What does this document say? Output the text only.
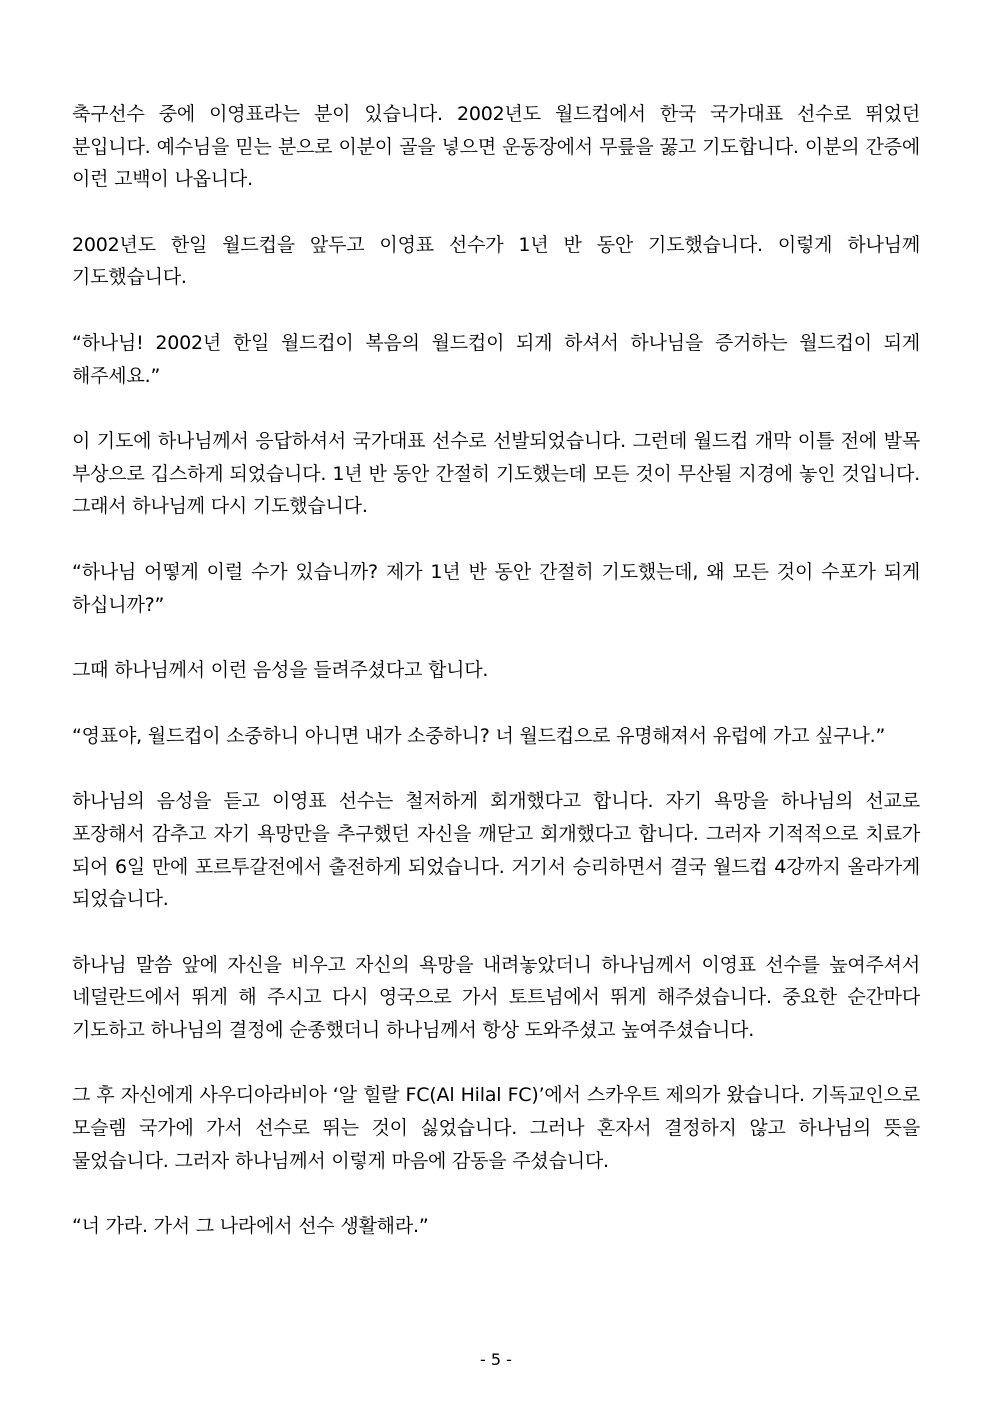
축구선수 중에 이영표라는 분이 있습니다. 2002년도 월드컵에서 한국 국가대표 선수로 뛰었던 분입니다. 예수님을 믿는 분으로 이분이 골을 넣으면 운동장에서 무릎을 꿇고 기도합니다. 이분의 간증에 이런 고백이 나옵니다.

2002년도 한일 월드컵을 앞두고 이영표 선수가 1년 반 동안 기도했습니다. 이렇게 하나님께 기도했습니다.

“하나님! 2002년 한일 월드컵이 복음의 월드컵이 되게 하셔서 하나님을 증거하는 월드컵이 되게 해주세요.”

이 기도에 하나님께서 응답하셔서 국가대표 선수로 선발되었습니다. 그런데 월드컵 개막 이틀 전에 발목 부상으로 깁스하게 되었습니다. 1년 반 동안 간절히 기도했는데 모든 것이 무산될 지경에 놓인 것입니다. 그래서 하나님께 다시 기도했습니다.

“하나님 어떻게 이럴 수가 있습니까? 제가 1년 반 동안 간절히 기도했는데, 왜 모든 것이 수포가 되게 하십니까?”

그때 하나님께서 이런 음성을 들려주셨다고 합니다.

“영표야, 월드컵이 소중하니 아니면 내가 소중하니? 너 월드컵으로 유명해져서 유럽에 가고 싶구나.”

하나님의 음성을 듣고 이영표 선수는 철저하게 회개했다고 합니다. 자기 욕망을 하나님의 선교로 포장해서 감추고 자기 욕망만을 추구했던 자신을 깨닫고 회개했다고 합니다. 그러자 기적적으로 치료가 되어 6일 만에 포르투갈전에서 출전하게 되었습니다. 거기서 승리하면서 결국 월드컵 4강까지 올라가게 되었습니다.

하나님 말씀 앞에 자신을 비우고 자신의 욕망을 내려놓았더니 하나님께서 이영표 선수를 높여주셔서 네덜란드에서 뛰게 해 주시고 다시 영국으로 가서 토트넘에서 뛰게 해주셨습니다. 중요한 순간마다 기도하고 하나님의 결정에 순종했더니 하나님께서 항상 도와주셨고 높여주셨습니다.

그 후 자신에게 사우디아라비아 ‘알 힐랄 FC(Al Hilal FC)’에서 스카우트 제의가 왔습니다. 기독교인으로 모슬렘 국가에 가서 선수로 뛰는 것이 싫었습니다. 그러나 혼자서 결정하지 않고 하나님의 뜻을 물었습니다. 그러자 하나님께서 이렇게 마음에 감동을 주셨습니다.

“너 가라. 가서 그 나라에서 선수 생활해라.”

- 5 -
